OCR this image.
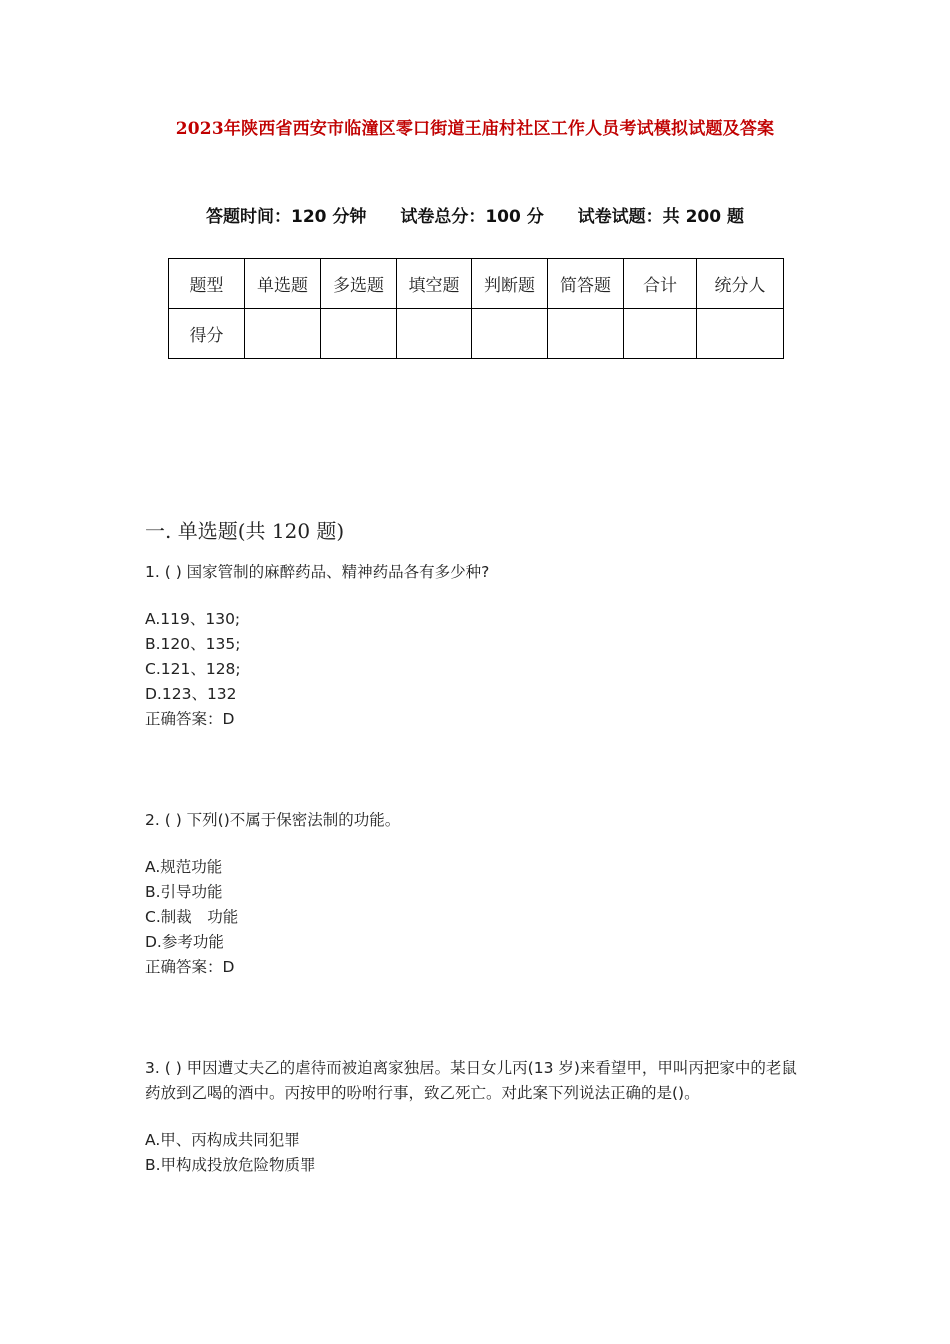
2023年陕西省西安市临潼区零口街道王庙村社区工作人员考试模拟试题及答案
答题时间：120 分钟 试卷总分：100 分 试卷试题：共 200 题
题型	单选题	多选题	填空题	判断题	简答题	合计	统分人
得分							
一. 单选题(共 120 题)

1. ( ) 国家管制的麻醉药品、精神药品各有多少种?

A.119、130;

B.120、135;

C.121、128;

D.123、132

正确答案：D

2. ( ) 下列()不属于保密法制的功能。

A.规范功能

B.引导功能

C.制裁　功能

D.参考功能

正确答案：D

3. ( ) 甲因遭丈夫乙的虐待而被迫离家独居。某日女儿丙(13 岁)来看望甲，甲叫丙把家中的老鼠药放到乙喝的酒中。丙按甲的吩咐行事，致乙死亡。对此案下列说法正确的是()。

A.甲、丙构成共同犯罪

B.甲构成投放危险物质罪
